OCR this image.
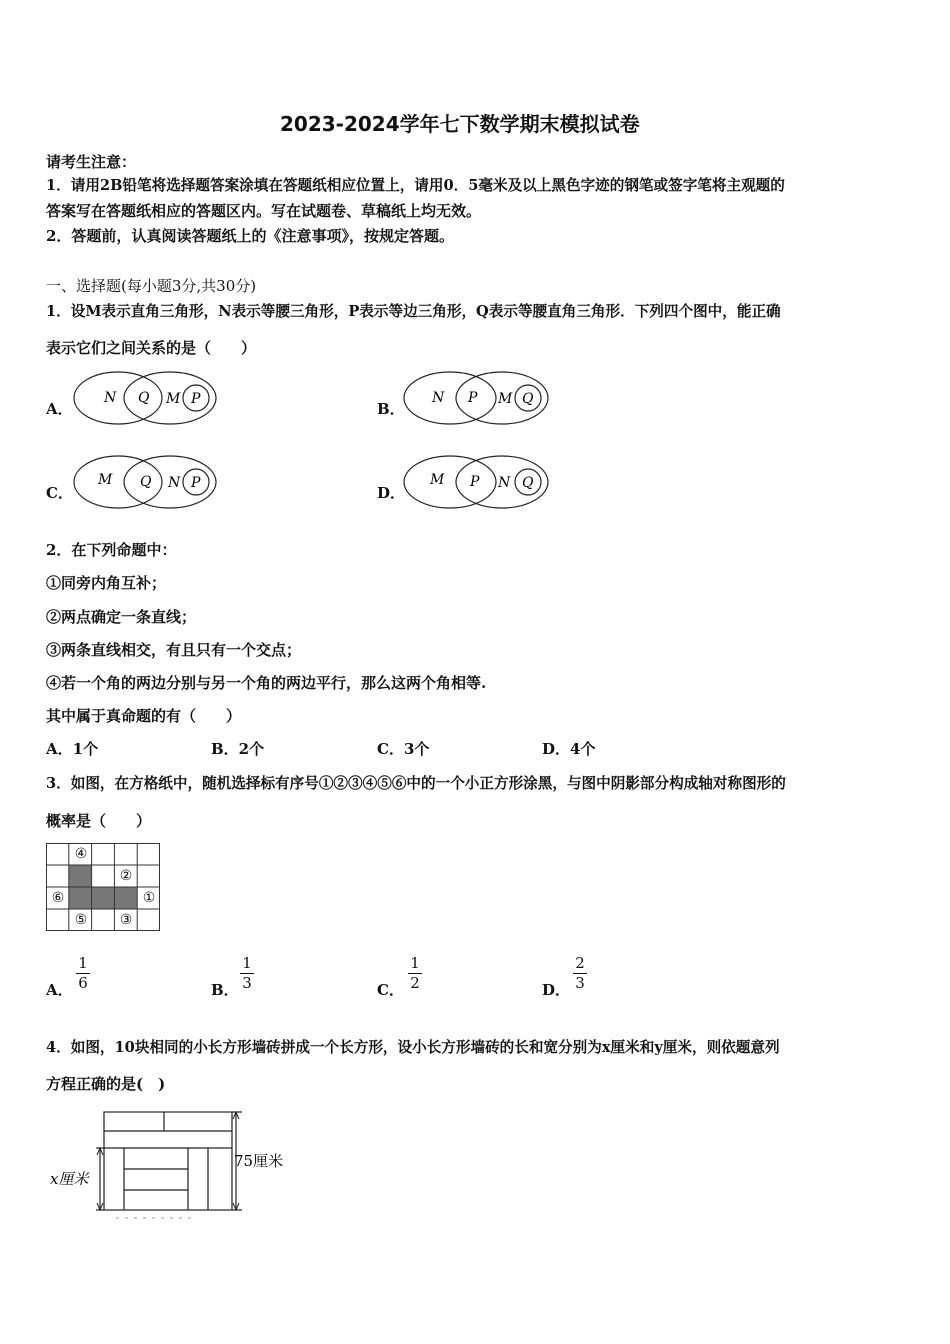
2023-2024学年七下数学期末模拟试卷
请考生注意：
1．请用2B铅笔将选择题答案涂填在答题纸相应位置上，请用0．5毫米及以上黑色字迹的钢笔或签字笔将主观题的
答案写在答题纸相应的答题区内。写在试题卷、草稿纸上均无效。
2．答题前，认真阅读答题纸上的《注意事项》，按规定答题。
一、选择题(每小题3分,共30分)
1．设M表示直角三角形，N表示等腰三角形，P表示等边三角形，Q表示等腰直角三角形．下列四个图中，能正确
表示它们之间关系的是（　　）
A．
N Q M P
B．
N P M Q
C．
M Q N P
D．
M P N Q
2．在下列命题中：
①同旁内角互补；
②两点确定一条直线；
③两条直线相交，有且只有一个交点；
④若一个角的两边分别与另一个角的两边平行，那么这两个角相等.
其中属于真命题的有（　　）
A．1个	B．2个	C．3个	D．4个
3．如图，在方格纸中，随机选择标有序号①②③④⑤⑥中的一个小正方形涂黑，与图中阴影部分构成轴对称图形的
概率是（　　）
④
②
⑥	①
⑤	③
A．
1
6	B．
1
3	C．
1
2	D．
2
3
4．如图，10块相同的小长方形墙砖拼成一个长方形，设小长方形墙砖的长和宽分别为x厘米和y厘米，则依题意列
方程正确的是(　)
x厘米
75厘米
